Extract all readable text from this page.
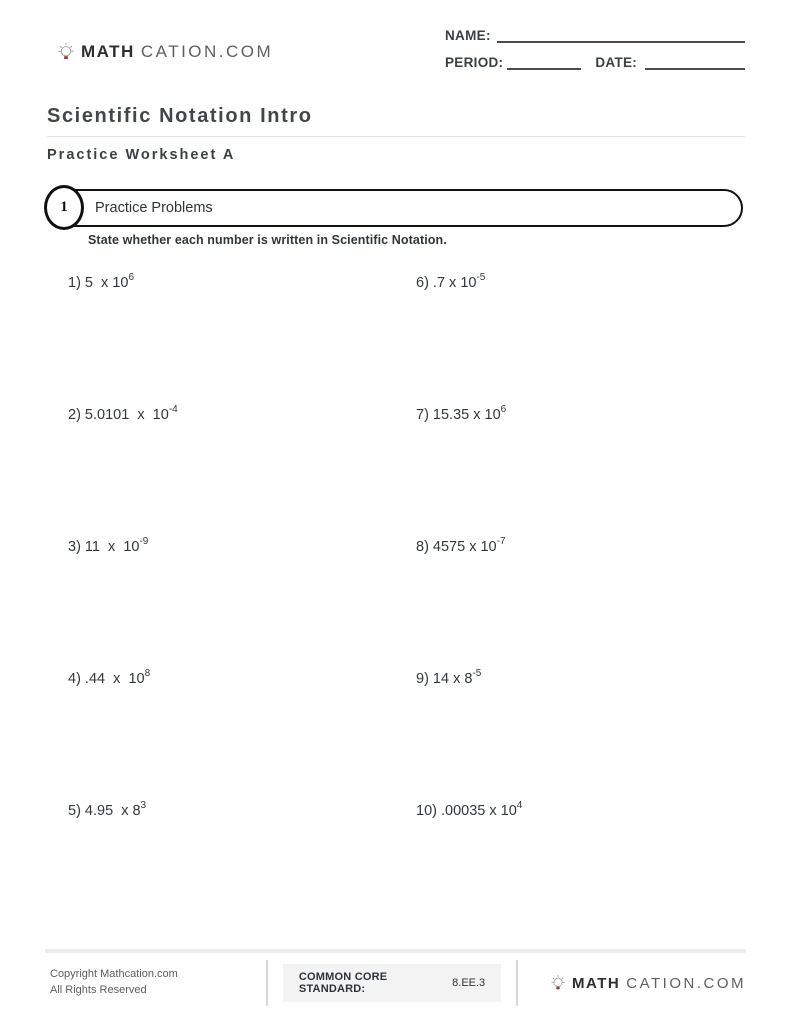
MATH CATION.COM
NAME:
PERIOD:	DATE:
Scientific Notation Intro
Practice Worksheet A
Practice Problems
1
State whether each number is written in Scientific Notation.
1) 5  x $10^6$
2) 5.0101  x  $10^{-4}$
3) 11  x  $10^{-9}$
4) .44  x  $10^8$
5) 4.95  x $8^3$
6) .7 x $10^{-5}$
7) 15.35 x $10^6$
8) 4575 x $10^{-7}$
9) 14 x $8^{-5}$
10) .00035 x $10^4$
Copyright Mathcation.com
All Rights Reserved
COMMON CORE STANDARD:	8.EE.3	MATH CATION.COM
